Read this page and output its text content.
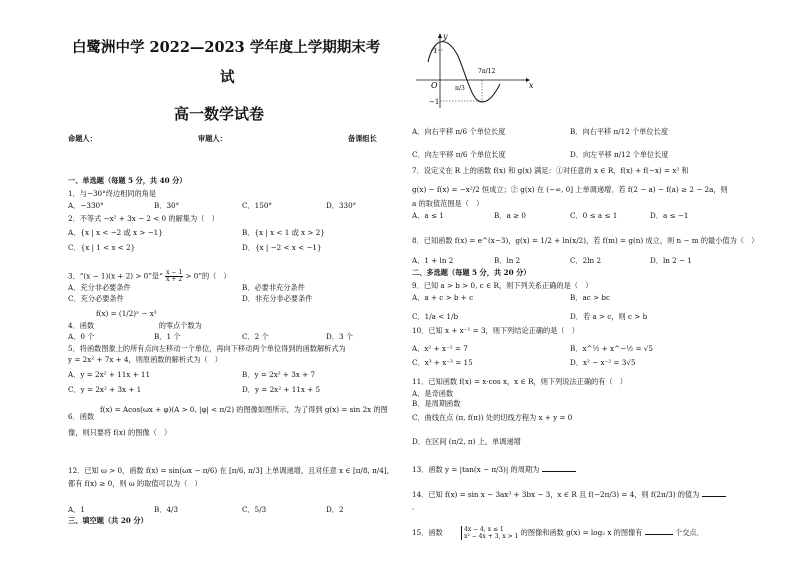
白鹭洲中学 2022—2023 学年度上学期期末考
试
高一数学试卷
命题人：	审题人：	备课组长
一、单选题（每题 5 分，共 40 分）
1．与−30°终边相同的角是
A．−330°	B．30°	C．150°	D．330°
2．不等式 −x² + 3x − 2 < 0 的解集为（　）
A．{x | x < −2 或 x > −1}	B．{x | x < 1 或 x > 2}
C．{x | 1 < x < 2}	D．{x | −2 < x < −1}
3．“(x − 1)(x + 2) > 0”是“ $\frac{x - 1}{x + 2} > 0$”的（　）
A．充分非必要条件	B．必要非充分条件
C．充分必要条件	D．非充分非必要条件
f(x) = (1/2)ˣ − x³
4．函数	的零点个数为
A．0 个	B．1 个	C．2 个	D．3 个
5．将函数图象上的所有点向左移动一个单位，再向下移动两个单位得到的函数解析式为
y = 2x² + 7x + 4，则原函数的解析式为（　）
A．y = 2x² + 11x + 11	B．y = 2x² + 3x + 7
C．y = 2x² + 3x + 1	D．y = 2x² + 11x + 5
f(x) = Acos(ωx + φ)(A > 0, |φ| < π/2) 的图像如图所示，为了得到 g(x) = sin 2x 的图
6．函数
像，则只要将 f(x) 的图像（　）
12．已知 ω > 0，函数 f(x) = sin(ωx − π/6) 在 [π/6, π/3] 上单调递增，且对任意 x ∈ [π/8, π/4]，
都有 f(x) ≥ 0，则 ω 的取值可以为（　）
A．1	B．4/3	C．5/3	D．2
三、填空题（共 20 分）
x
y
O
1
−1
7π/12
π/3
A．向右平移 π/6 个单位长度	B．向右平移 π/12 个单位长度
C．向左平移 π/6 个单位长度	D．向左平移 π/12 个单位长度
7．设定义在 R 上的函数 f(x) 和 g(x) 满足：①对任意的 x ∈ R，f(x) + f(−x) = x² 和
g(x) − f(x) = −x²/2 恒成立；② g(x) 在 (−∞, 0] 上单调递增．若 f(2 − a) − f(a) ≥ 2 − 2a，则
a 的取值范围是（　）
A．a ≤ 1	B．a ≥ 0	C．0 ≤ a ≤ 1	D．a ≤ −1
8．已知函数 f(x) = e^(x−3)，g(x) = 1/2 + ln(x/2)，若 f(m) = g(n) 成立，则 n − m 的最小值为（　）
A．1 + ln 2	B．ln 2	C．2ln 2	D．ln 2 − 1
二、多选题（每题 5 分，共 20 分）
9．已知 a > b > 0, c ∈ R，则下列关系正确的是（　）
A．a + c > b + c	B．ac > bc
C．1/a < 1/b	D．若 a > c，则 c > b
10．已知 x + x⁻¹ = 3，则下列结论正确的是（　）
A．x² + x⁻² = 7	B．x^½ + x^−½ = √5
C．x³ + x⁻³ = 15	D．x² − x⁻² = 3√5
11．已知函数 f(x) = x·cos x，x ∈ R，则下列说法正确的有（　）
A．是奇函数
B．是周期函数
C．曲线在点 (π, f(π)) 处的切线方程为 x + y = 0
D．在区间 (π/2, π) 上，单调递增
13．函数 y = |tan(x − π/3)| 的周期为
14．已知 f(x) = sin x − 3ax³ + 3bx − 3，x ∈ R 且 f(−2π/3) = 4，则 f(2π/3) 的值为
．
15．函数	4x − 4, x ≤ 1
x² − 4x + 3, x > 1 的图像和函数 g(x) = log₂ x 的图像有	个交点．
